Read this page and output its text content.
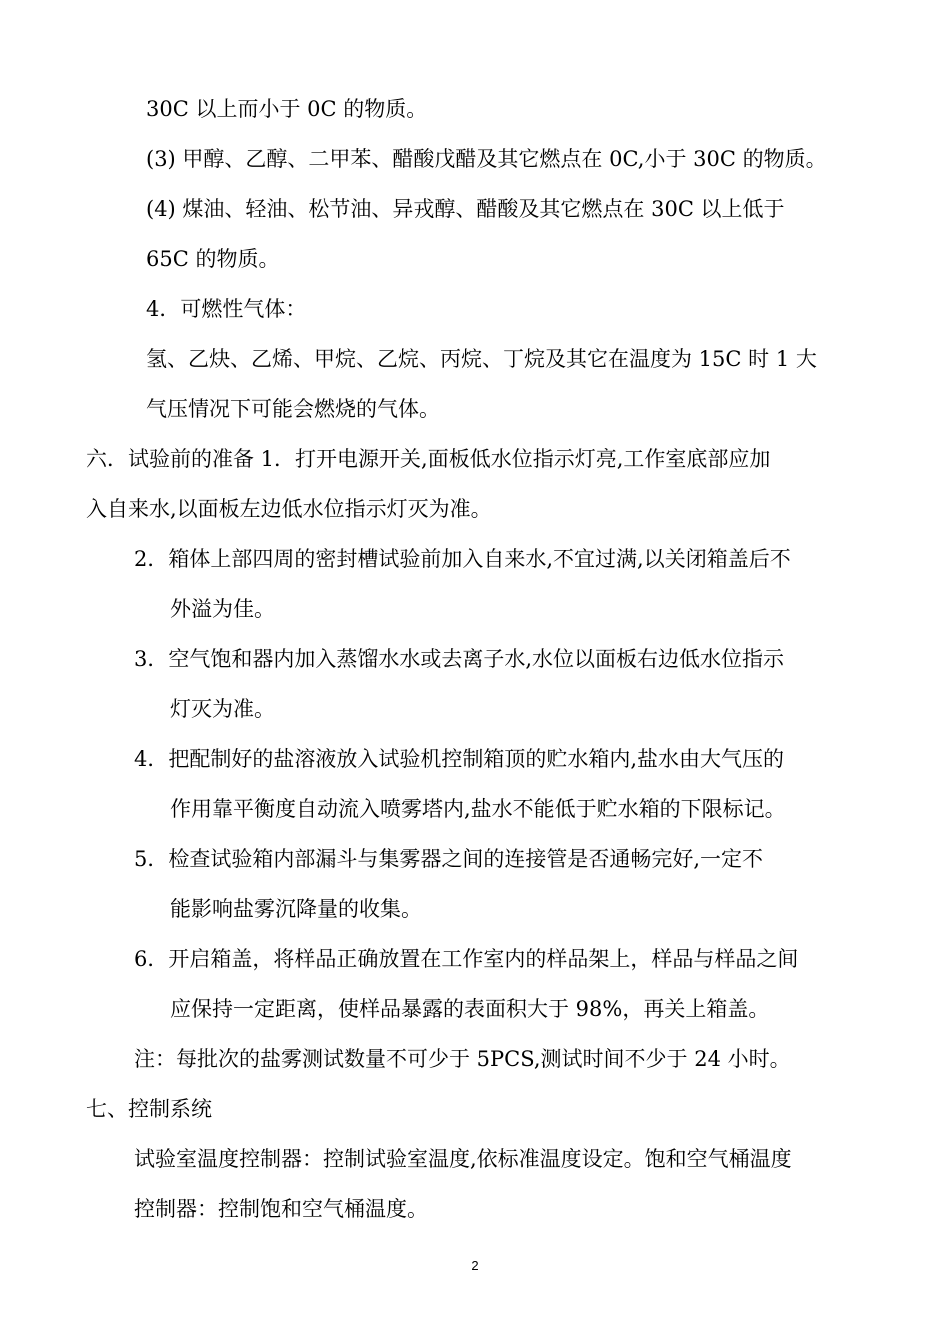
30C 以上而小于 0C 的物质。
(3) 甲醇、乙醇、二甲苯、醋酸戊醋及其它燃点在 0C,小于 30C 的物质。
(4) 煤油、轻油、松节油、异戎醇、醋酸及其它燃点在 30C 以上低于
65C 的物质。
4．可燃性气体：
氢、乙炔、乙烯、甲烷、乙烷、丙烷、丁烷及其它在温度为 15C 时 1 大
气压情况下可能会燃烧的气体。
六．试验前的准备 1．打开电源开关,面板低水位指示灯亮,工作室底部应加
入自来水,以面板左边低水位指示灯灭为准。
2．箱体上部四周的密封槽试验前加入自来水,不宜过满,以关闭箱盖后不
外溢为佳。
3．空气饱和器内加入蒸馏水水或去离子水,水位以面板右边低水位指示
灯灭为准。
4．把配制好的盐溶液放入试验机控制箱顶的贮水箱内,盐水由大气压的
作用靠平衡度自动流入喷雾塔内,盐水不能低于贮水箱的下限标记。
5．检查试验箱内部漏斗与集雾器之间的连接管是否通畅完好,一定不
能影响盐雾沉降量的收集。
6．开启箱盖，将样品正确放置在工作室内的样品架上，样品与样品之间
应保持一定距离，使样品暴露的表面积大于 98%，再关上箱盖。
注：每批次的盐雾测试数量不可少于 5PCS,测试时间不少于 24 小时。
七、控制系统
试验室温度控制器：控制试验室温度,依标准温度设定。饱和空气桶温度
控制器：控制饱和空气桶温度。
2
